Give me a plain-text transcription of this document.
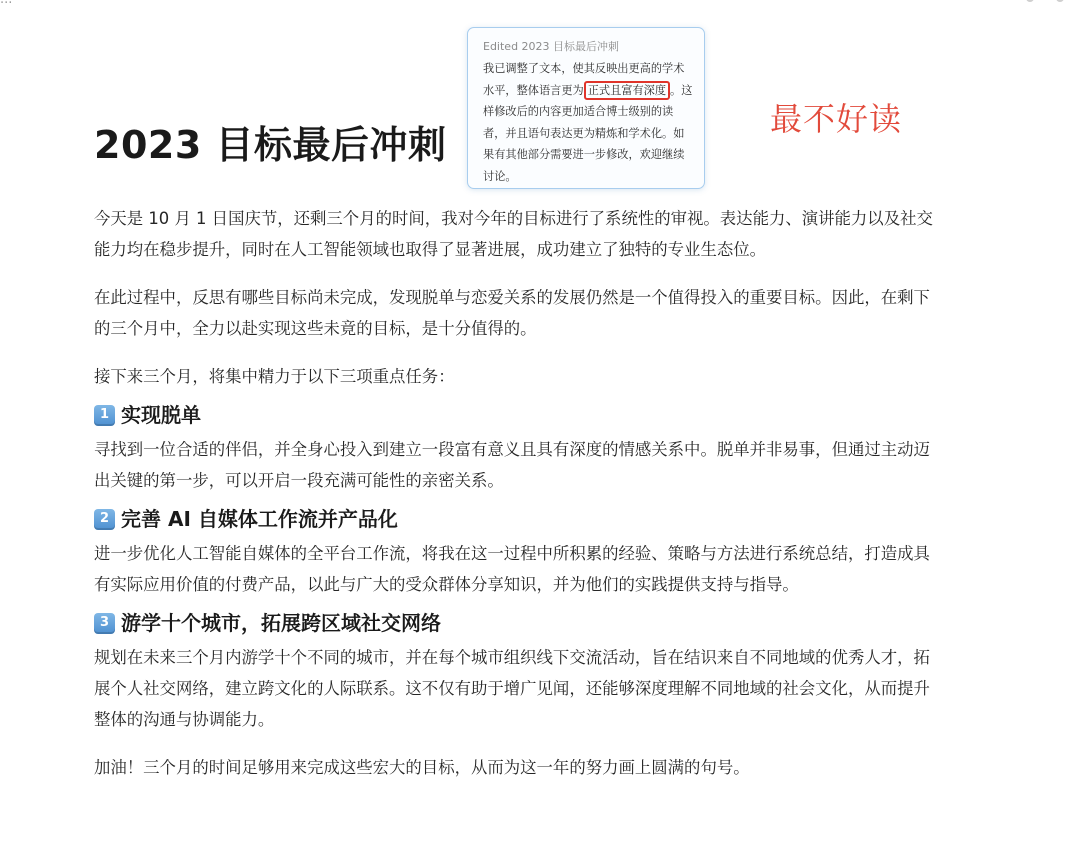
2023 目标最后冲刺
Edited 2023 目标最后冲刺

我已调整了文本，使其反映出更高的学术水平，整体语言更为 正式且富有深度 。这样修改后的内容更加适合博士级别的读者，并且语句表达更为精炼和学术化。如果有其他部分需要进一步修改，欢迎继续讨论。

最不好读

今天是 10 月 1 日国庆节，还剩三个月的时间，我对今年的目标进行了系统性的审视。表达能力、演讲能力以及社交能力均在稳步提升，同时在人工智能领域也取得了显著进展，成功建立了独特的专业生态位。

在此过程中，反思有哪些目标尚未完成，发现脱单与恋爱关系的发展仍然是一个值得投入的重要目标。因此，在剩下的三个月中，全力以赴实现这些未竟的目标，是十分值得的。

接下来三个月，将集中精力于以下三项重点任务：

1 实现脱单

寻找到一位合适的伴侣，并全身心投入到建立一段富有意义且具有深度的情感关系中。脱单并非易事，但通过主动迈出关键的第一步，可以开启一段充满可能性的亲密关系。

2 完善 AI 自媒体工作流并产品化

进一步优化人工智能自媒体的全平台工作流，将我在这一过程中所积累的经验、策略与方法进行系统总结，打造成具有实际应用价值的付费产品，以此与广大的受众群体分享知识，并为他们的实践提供支持与指导。

3 游学十个城市，拓展跨区域社交网络

规划在未来三个月内游学十个不同的城市，并在每个城市组织线下交流活动，旨在结识来自不同地域的优秀人才，拓展个人社交网络，建立跨文化的人际联系。这不仅有助于增广见闻，还能够深度理解不同地域的社会文化，从而提升整体的沟通与协调能力。

加油！三个月的时间足够用来完成这些宏大的目标，从而为这一年的努力画上圆满的句号。
